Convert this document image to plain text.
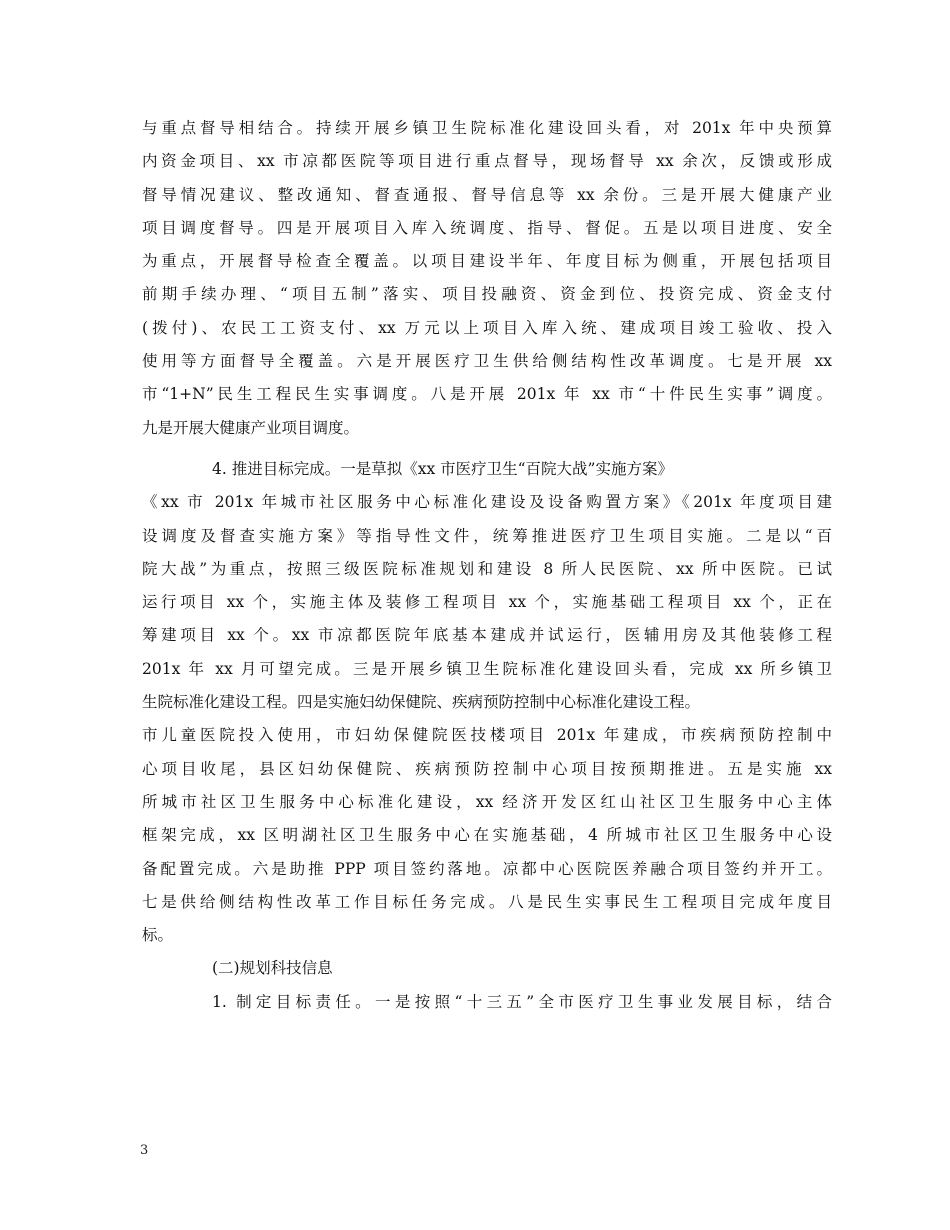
与重点督导相结合。持续开展乡镇卫生院标准化建设回头看，对 201x 年中央预算
内资金项目、xx 市凉都医院等项目进行重点督导，现场督导 xx 余次，反馈或形成
督导情况建议、整改通知、督查通报、督导信息等 xx 余份。三是开展大健康产业
项目调度督导。四是开展项目入库入统调度、指导、督促。五是以项目进度、安全
为重点，开展督导检查全覆盖。以项目建设半年、年度目标为侧重，开展包括项目
前期手续办理、“项目五制”落实、项目投融资、资金到位、投资完成、资金支付
(拨付)、农民工工资支付、xx 万元以上项目入库入统、建成项目竣工验收、投入
使用等方面督导全覆盖。六是开展医疗卫生供给侧结构性改革调度。七是开展 xx
市“1+N”民生工程民生实事调度。八是开展 201x 年 xx 市“十件民生实事”调度。
九是开展大健康产业项目调度。
4. 推进目标完成。一是草拟《xx 市医疗卫生“百院大战”实施方案》
《xx 市 201x 年城市社区服务中心标准化建设及设备购置方案》《201x 年度项目建
设调度及督查实施方案》等指导性文件，统筹推进医疗卫生项目实施。二是以“百
院大战”为重点，按照三级医院标准规划和建设 8 所人民医院、xx 所中医院。已试
运行项目 xx 个，实施主体及装修工程项目 xx 个，实施基础工程项目 xx 个，正在
筹建项目 xx 个。xx 市凉都医院年底基本建成并试运行，医辅用房及其他装修工程
201x 年 xx 月可望完成。三是开展乡镇卫生院标准化建设回头看，完成 xx 所乡镇卫
生院标准化建设工程。四是实施妇幼保健院、疾病预防控制中心标准化建设工程。
市儿童医院投入使用，市妇幼保健院医技楼项目 201x 年建成，市疾病预防控制中
心项目收尾，县区妇幼保健院、疾病预防控制中心项目按预期推进。五是实施 xx
所城市社区卫生服务中心标准化建设，xx 经济开发区红山社区卫生服务中心主体
框架完成，xx 区明湖社区卫生服务中心在实施基础，4 所城市社区卫生服务中心设
备配置完成。六是助推 PPP 项目签约落地。凉都中心医院医养融合项目签约并开工。
七是供给侧结构性改革工作目标任务完成。八是民生实事民生工程项目完成年度目
标。
(二)规划科技信息
1. 制定目标责任。一是按照“十三五”全市医疗卫生事业发展目标，结合
3
